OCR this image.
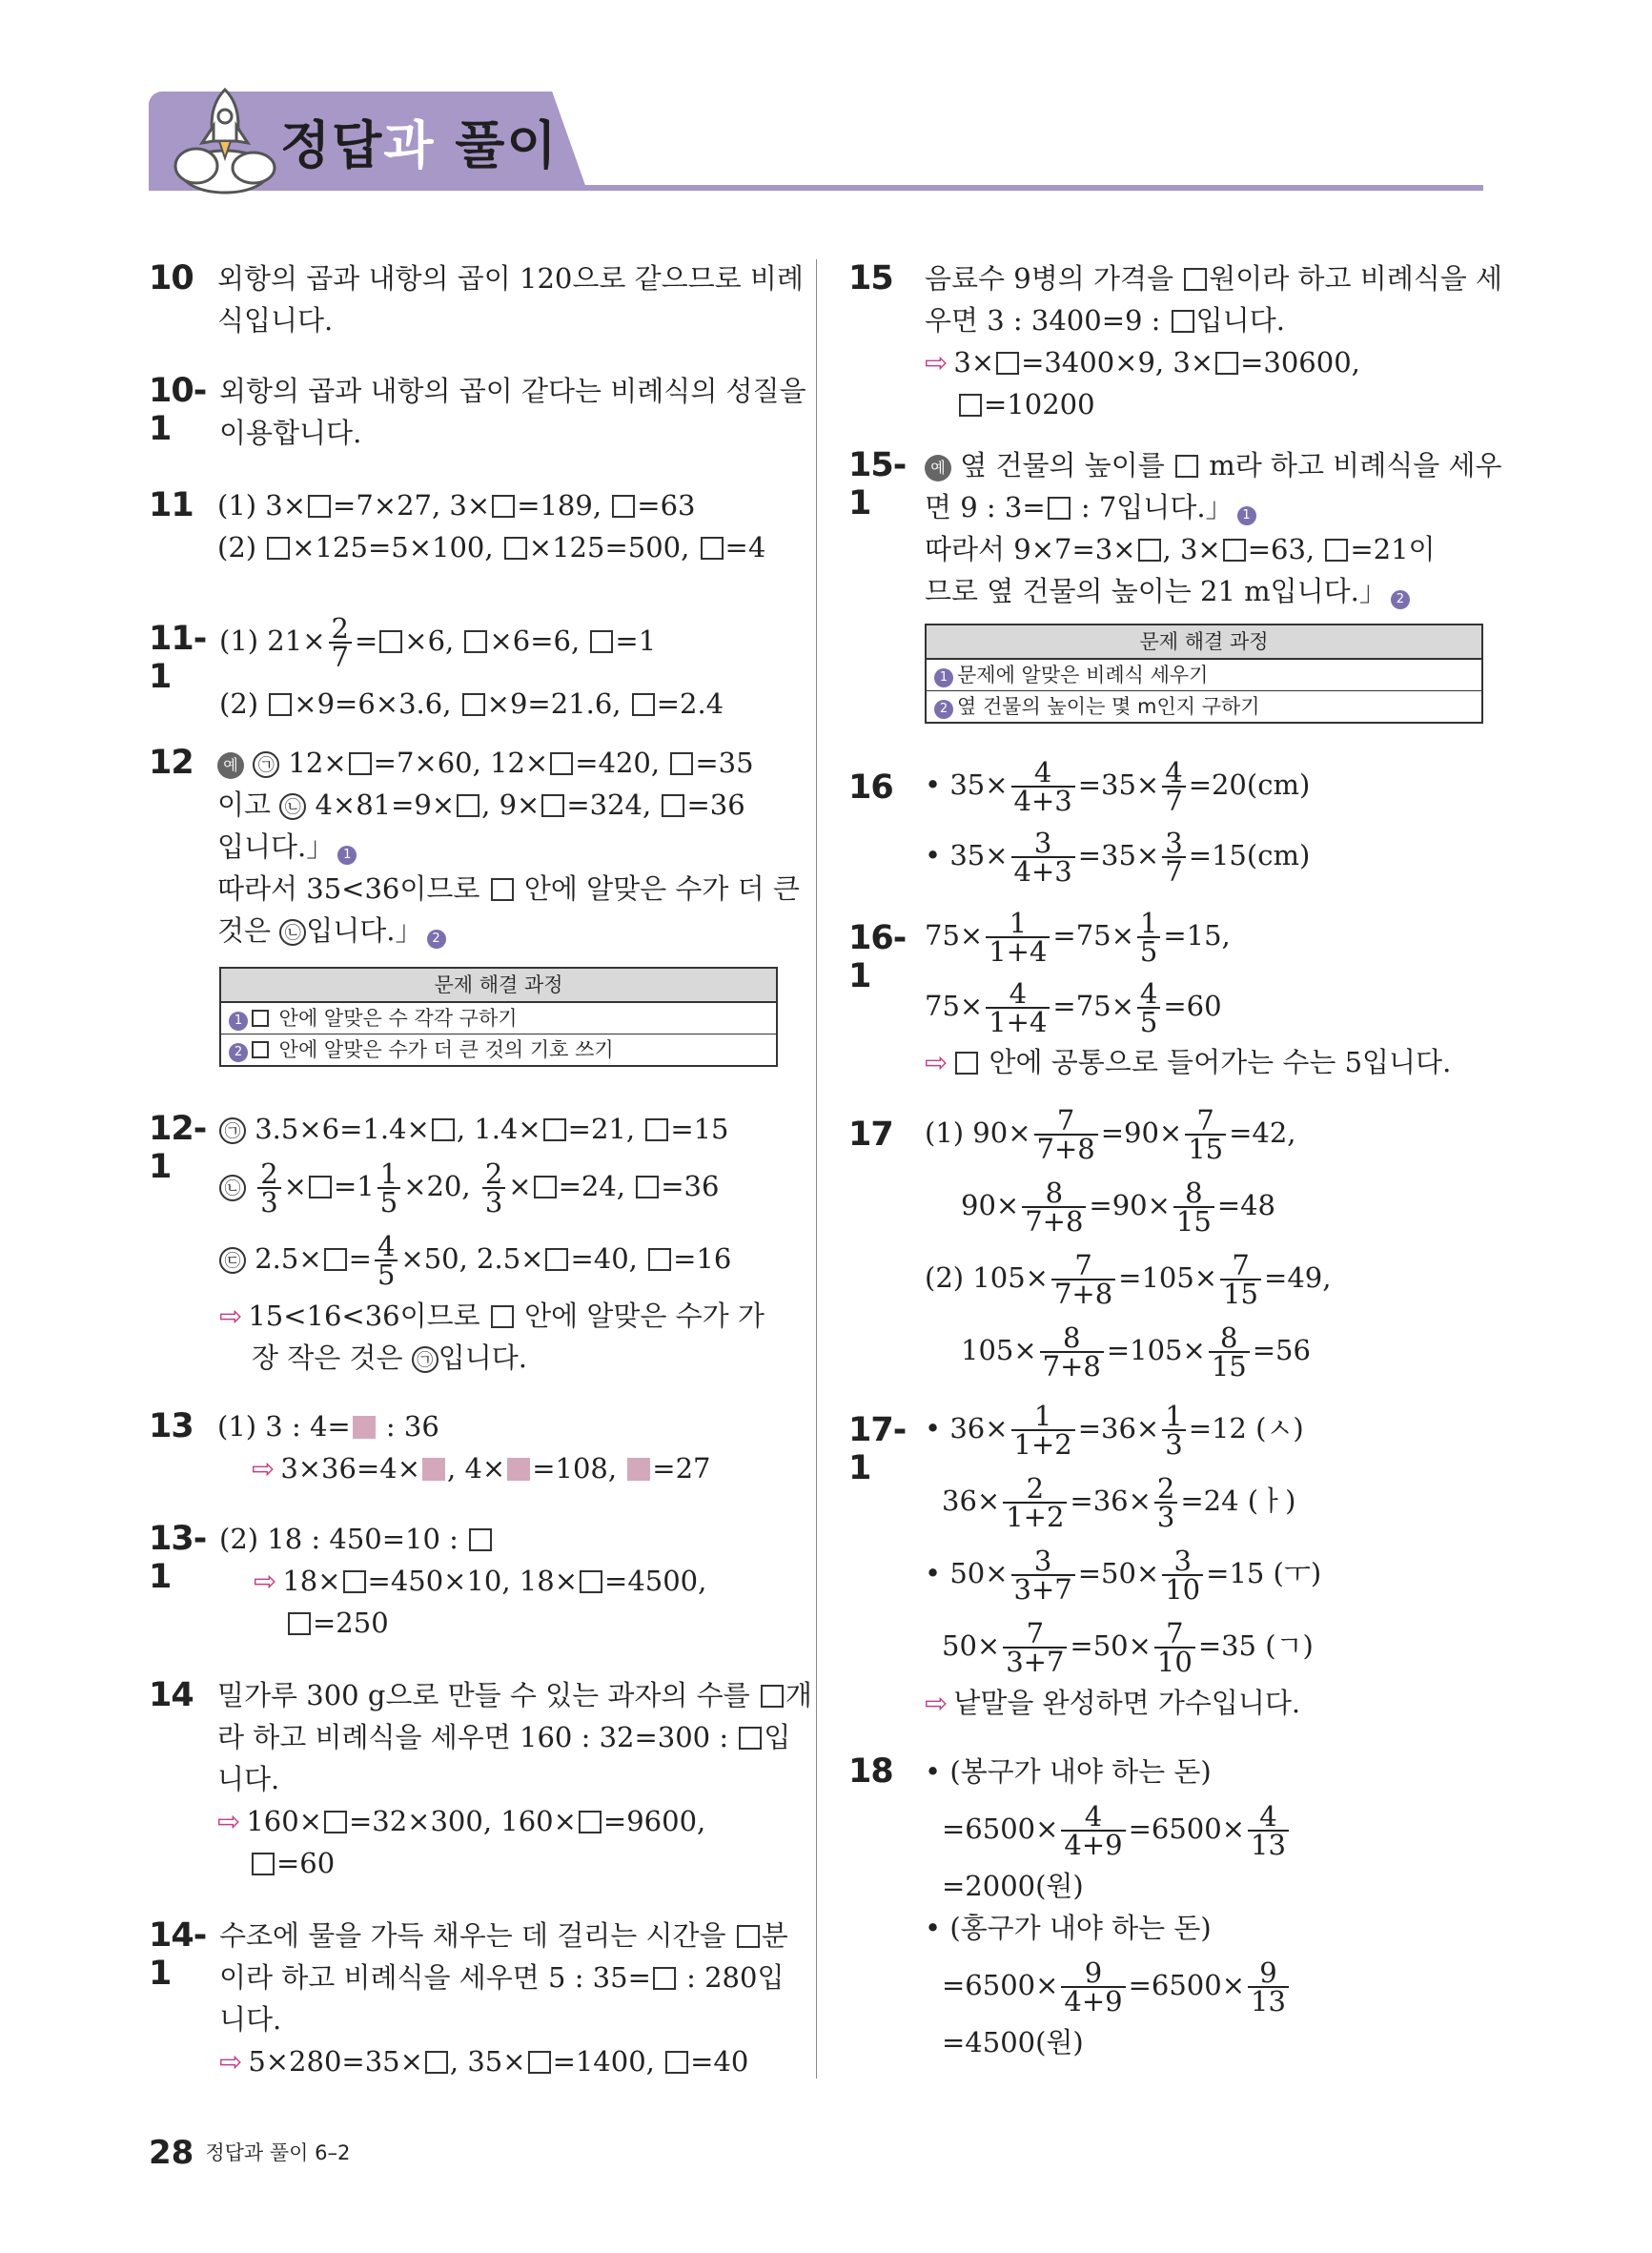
정답과 풀이
10 외항의 곱과 내항의 곱이 120으로 같으므로 비례
식입니다.
10-1
외항의 곱과 내항의 곱이 같다는 비례식의 성질을
이용합니다.
11 (1) 3× =7×27, 3× =189, =63
(2) ×125=5×100, ×125=500, =4
11-1
(1) $21\times \frac{2}{7} = \times 6$, ×6=6, =1
(2) ×9=6×3.6, ×9=21.6, =2.4
12	예 ㉠ 12× =7×60, 12× =420, =35
이고 ㉡ 4×81=9× , 9× =324, =36
입니다.」 1
따라서 35<36이므로  안에 알맞은 수가 더 큰
것은 ㉡ 입니다.」 2
문제 해결 과정
1 안에 알맞은 수 각각 구하기
2 안에 알맞은 수가 더 큰 것의 기호 쓰기
12-1
㉠ 3.5×6=1.4× , 1.4× =21, =15
㉡ $\frac{2}{3} \times =1 \frac{1}{5} \times 20$, $\frac{2}{3} \times =24$, =36
㉢ $2.5\times = \frac{4}{5} \times 50$, 2.5× =40, =16
⇨ 15<16<36이므로  안에 알맞은 수가 가
장 작은 것은 ㉠ 입니다.
13 (1) 3 : 4= : 36
⇨ 3×36=4× , 4× =108, =27
13-1
(2) 18 : 450=10 :
⇨ 18× =450×10, 18× =4500,
=250
14 밀가루 300 g으로 만들 수 있는 과자의 수를 개
라 하고 비례식을 세우면 160 : 32=300 : 입
니다.
⇨ 160× =32×300, 160× =9600,
=60
14-1
수조에 물을 가득 채우는 데 걸리는 시간을 분
이라 하고 비례식을 세우면 5 : 35= : 280입
니다.
⇨ 5×280=35× , 35× =1400, =40
15 음료수 9병의 가격을 원이라 하고 비례식을 세
우면 3 : 3400=9 : 입니다.
⇨ 3× =3400×9, 3× =30600,
=10200
15-1
예 옆 건물의 높이를  m라 하고 비례식을 세우
면 9 : 3= : 7입니다.」 1
따라서 9×7=3× , 3× =63, =21이
므로 옆 건물의 높이는 21 m입니다.」 2
문제 해결 과정
1 문제에 알맞은 비례식 세우기
2 옆 건물의 높이는 몇 m인지 구하기
16 • $35\times \frac{4}{4+3} =35\times \frac{4}{7} =20(cm)$
• $35\times \frac{3}{4+3} =35\times \frac{3}{7} =15(cm)$
16-1
$75\times \frac{1}{1+4} =75\times \frac{1}{5} =15$,
$75\times \frac{4}{1+4} =75\times \frac{4}{5} =60$
⇨ 안에 공통으로 들어가는 수는 5입니다.
17 (1) $90\times \frac{7}{7+8} =90\times \frac{7}{15} =42$,
$90\times \frac{8}{7+8} =90\times \frac{8}{15} =48$
(2) $105\times \frac{7}{7+8} =105\times \frac{7}{15} =49$,
$105\times \frac{8}{7+8} =105\times \frac{8}{15} =56$
17-1
• $36\times \frac{1}{1+2} =36\times \frac{1}{3} =12$ (ㅅ)
$36\times \frac{2}{1+2} =36\times \frac{2}{3} =24$ (ㅏ)
• $50\times \frac{3}{3+7} =50\times \frac{3}{10} =15$ (ㅜ)
$50\times \frac{7}{3+7} =50\times \frac{7}{10} =35$ (ㄱ)
⇨ 낱말을 완성하면 가수입니다.
18 • (봉구가 내야 하는 돈)
$=6500\times \frac{4}{4+9} =6500\times \frac{4}{13}$
=2000(원)
• (홍구가 내야 하는 돈)
$=6500\times \frac{9}{4+9} =6500\times \frac{9}{13}$
=4500(원)
28 정답과 풀이 6–2
